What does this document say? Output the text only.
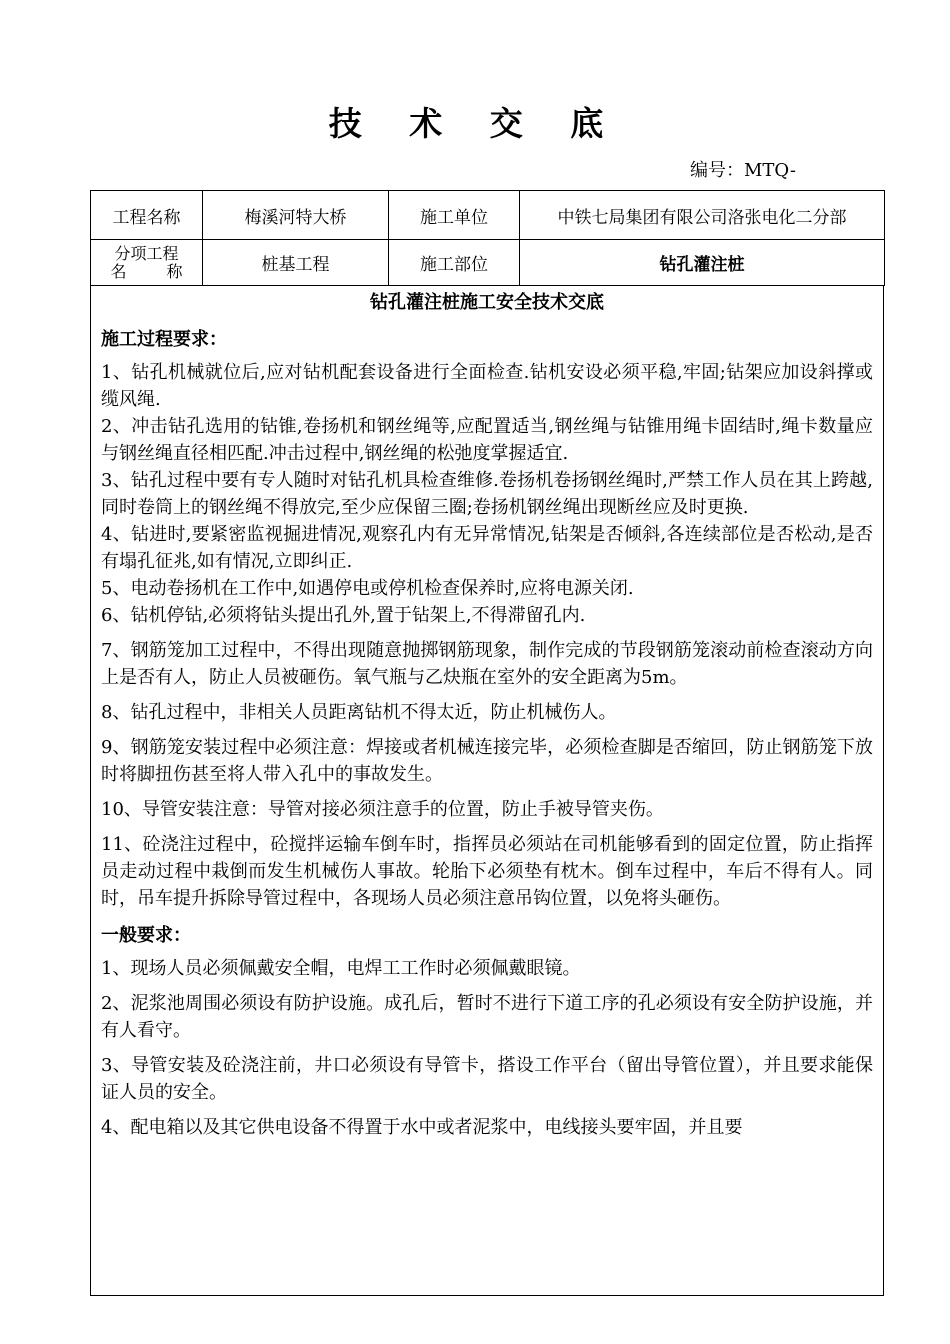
技 术 交 底
编号：MTQ-
工程名称	梅溪河特大桥	施工单位	中铁七局集团有限公司洛张电化二分部

分项工程
名 称	桩基工程	施工部位	钻孔灌注桩
钻孔灌注桩施工安全技术交底
施工过程要求：

1、钻孔机械就位后,应对钻机配套设备进行全面检查.钻机安设必须平稳,牢固;钻架应加设斜撑或缆风绳.

2、冲击钻孔选用的钻锥,卷扬机和钢丝绳等,应配置适当,钢丝绳与钻锥用绳卡固结时,绳卡数量应与钢丝绳直径相匹配.冲击过程中,钢丝绳的松弛度掌握适宜.

3、钻孔过程中要有专人随时对钻孔机具检查维修.卷扬机卷扬钢丝绳时,严禁工作人员在其上跨越,同时卷筒上的钢丝绳不得放完,至少应保留三圈;卷扬机钢丝绳出现断丝应及时更换.

4、钻进时,要紧密监视掘进情况,观察孔内有无异常情况,钻架是否倾斜,各连续部位是否松动,是否有塌孔征兆,如有情况,立即纠正.

5、电动卷扬机在工作中,如遇停电或停机检查保养时,应将电源关闭.

6、钻机停钻,必须将钻头提出孔外,置于钻架上,不得滞留孔内.

7、钢筋笼加工过程中，不得出现随意抛掷钢筋现象，制作完成的节段钢筋笼滚动前检查滚动方向上是否有人，防止人员被砸伤。氧气瓶与乙炔瓶在室外的安全距离为5m。

8、钻孔过程中，非相关人员距离钻机不得太近，防止机械伤人。

9、钢筋笼安装过程中必须注意：焊接或者机械连接完毕，必须检查脚是否缩回，防止钢筋笼下放时将脚扭伤甚至将人带入孔中的事故发生。

10、导管安装注意：导管对接必须注意手的位置，防止手被导管夹伤。

11、砼浇注过程中，砼搅拌运输车倒车时，指挥员必须站在司机能够看到的固定位置，防止指挥员走动过程中栽倒而发生机械伤人事故。轮胎下必须垫有枕木。倒车过程中，车后不得有人。同时，吊车提升拆除导管过程中，各现场人员必须注意吊钩位置，以免将头砸伤。

一般要求：

1、现场人员必须佩戴安全帽，电焊工工作时必须佩戴眼镜。

2、泥浆池周围必须设有防护设施。成孔后，暂时不进行下道工序的孔必须设有安全防护设施，并有人看守。

3、导管安装及砼浇注前，井口必须设有导管卡，搭设工作平台（留出导管位置），并且要求能保证人员的安全。

4、配电箱以及其它供电设备不得置于水中或者泥浆中，电线接头要牢固，并且要
